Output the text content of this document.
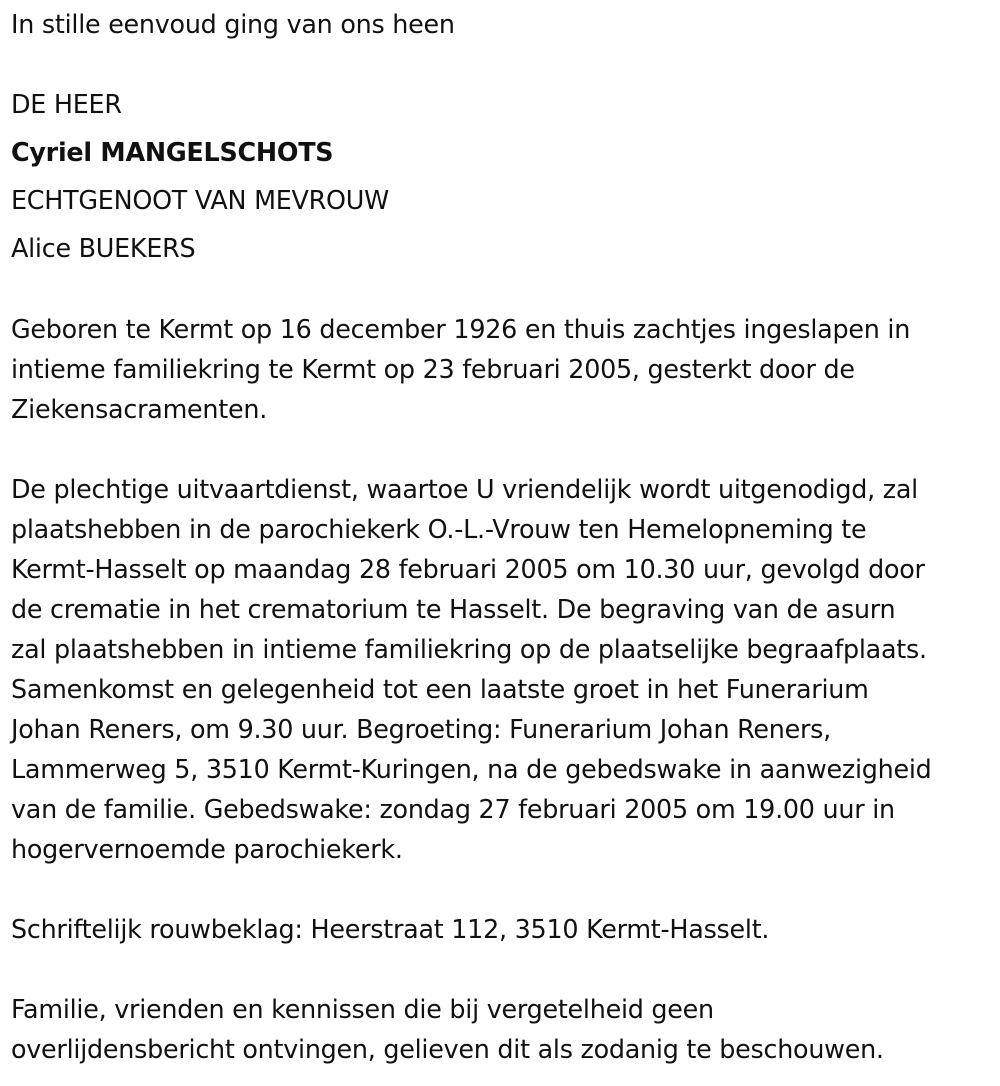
In stille eenvoud ging van ons heen
DE HEER
Cyriel MANGELSCHOTS
ECHTGENOOT VAN MEVROUW
Alice BUEKERS
Geboren te Kermt op 16 december 1926 en thuis zachtjes ingeslapen in
intieme familiekring te Kermt op 23 februari 2005, gesterkt door de
Ziekensacramenten.
De plechtige uitvaartdienst, waartoe U vriendelijk wordt uitgenodigd, zal
plaatshebben in de parochiekerk O.-L.-Vrouw ten Hemelopneming te
Kermt-Hasselt op maandag 28 februari 2005 om 10.30 uur, gevolgd door
de crematie in het crematorium te Hasselt. De begraving van de asurn
zal plaatshebben in intieme familiekring op de plaatselijke begraafplaats.
Samenkomst en gelegenheid tot een laatste groet in het Funerarium
Johan Reners, om 9.30 uur. Begroeting: Funerarium Johan Reners,
Lammerweg 5, 3510 Kermt-Kuringen, na de gebedswake in aanwezigheid
van de familie. Gebedswake: zondag 27 februari 2005 om 19.00 uur in
hogervernoemde parochiekerk.
Schriftelijk rouwbeklag: Heerstraat 112, 3510 Kermt-Hasselt.
Familie, vrienden en kennissen die bij vergetelheid geen
overlijdensbericht ontvingen, gelieven dit als zodanig te beschouwen.
